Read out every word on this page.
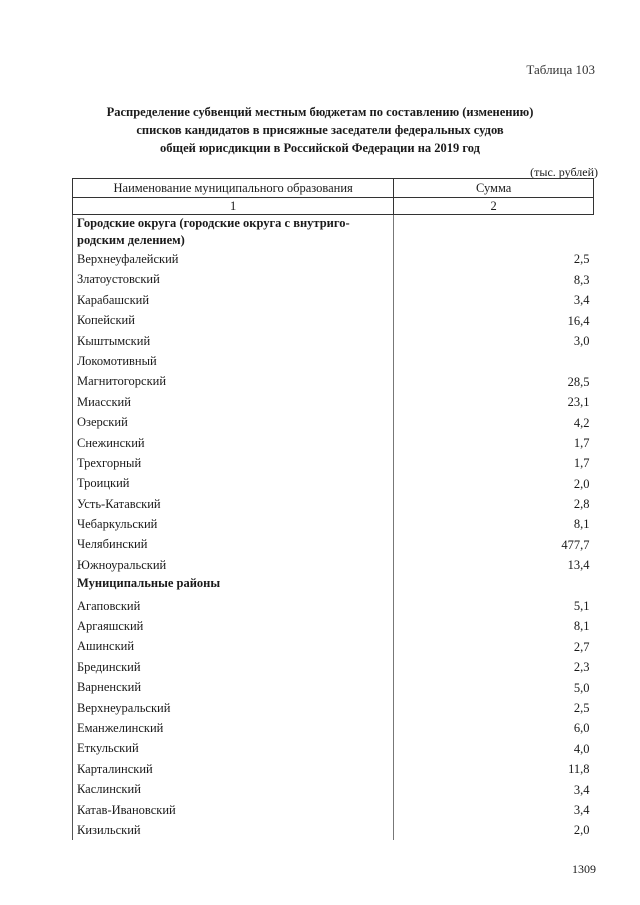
Таблица 103
Распределение субвенций местным бюджетам по составлению (изменению)
списков кандидатов в присяжные заседатели федеральных судов
общей юрисдикции в Российской Федерации на 2019 год
(тыс. рублей)
Наименование муниципального образования	Сумма
1	2
Городские округа (городские округа с внутриго-родским делением)	
Верхнеуфалейский	2,5
Златоустовский	8,3
Карабашский	3,4
Копейский	16,4
Кыштымский	3,0
Локомотивный	
Магнитогорский	28,5
Миасский	23,1
Озерский	4,2
Снежинский	1,7
Трехгорный	1,7
Троицкий	2,0
Усть-Катавский	2,8
Чебаркульский	8,1
Челябинский	477,7
Южноуральский	13,4
Муниципальные районы	
Агаповский	5,1
Аргаяшский	8,1
Ашинский	2,7
Брединский	2,3
Варненский	5,0
Верхнеуральский	2,5
Еманжелинский	6,0
Еткульский	4,0
Карталинский	11,8
Каслинский	3,4
Катав-Ивановский	3,4
Кизильский	2,0
1309
